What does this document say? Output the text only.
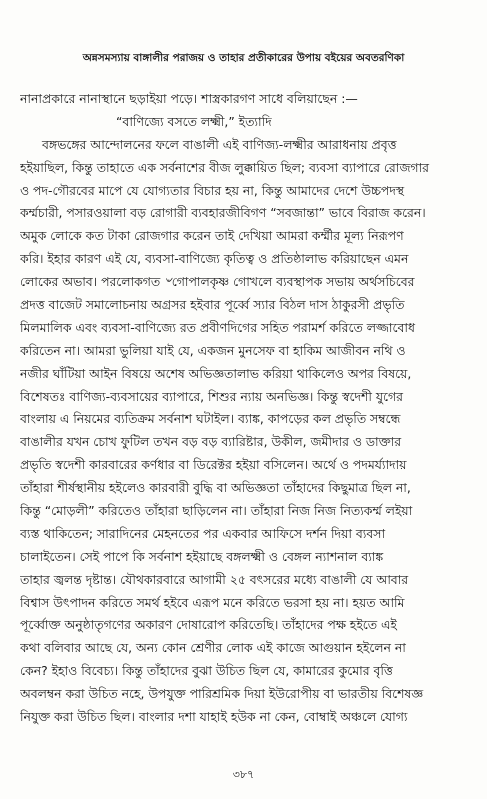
অন্নসমস্যায় বাঙ্গালীর পরাজয় ও তাহার প্রতীকারের উপায় বইয়ের অবতরণিকা
নানাপ্রকারে নানাস্থানে ছড়াইয়া পড়ে। শাস্ত্রকারগণ সাধে বলিয়াছেন :—
“বাণিজ্যে বসতে লক্ষ্মী,” ইত্যাদি
বঙ্গভঙ্গের আন্দোলনের ফলে বাঙালী এই বাণিজ্য-লক্ষ্মীর আরাধনায় প্রবৃত্ত
হইয়াছিল, কিন্তু তাহাতে এক সর্বনাশের বীজ লুক্কায়িত ছিল; ব্যবসা ব্যাপারে রোজগার
ও পদ-গৌরবের মাপে যে যোগ্যতার বিচার হয় না, কিন্তু আমাদের দেশে উচ্চপদস্থ
কর্ম্মচারী, পসারওয়ালা বড় রোগারী ব্যবহারজীবিগণ “সবজান্তা” ভাবে বিরাজ করেন।
অমুক লোকে কত টাকা রোজগার করেন তাই দেখিয়া আমরা কর্ম্মীর মূল্য নিরূপণ
করি। ইহার কারণ এই যে, ব্যবসা-বাণিজ্যে কৃতিত্ব ও প্রতিষ্ঠালাভ করিয়াছেন এমন
লোকের অভাব। পরলোকগত ৺গোপালকৃষ্ণ গোখলে ব্যবস্থাপক সভায় অর্থসচিবের
প্রদত্ত বাজেট সমালোচনায় অগ্রসর হইবার পূর্ব্বে স্যার বিঠল দাস ঠাকুরসী প্রভৃতি
মিলমালিক এবং ব্যবসা-বাণিজ্যে রত প্রবীণদিগের সহিত পরামর্শ করিতে লজ্জাবোধ
করিতেন না। আমরা ভুলিয়া যাই যে, একজন মুনসেফ বা হাকিম আজীবন নথি ও
নজীর ঘাঁটিয়া আইন বিষয়ে অশেষ অভিজ্ঞতালাভ করিয়া থাকিলেও অপর বিষয়ে,
বিশেষতঃ বাণিজ্য-ব্যবসায়ের ব্যাপারে, শিশুর ন্যায় অনভিজ্ঞ। কিন্তু স্বদেশী যুগের
বাংলায় এ নিয়মের ব্যতিক্রম সর্বনাশ ঘটাইল। ব্যাঙ্ক, কাপড়ের কল প্রভৃতি সম্বন্ধে
বাঙালীর যখন চোখ ফুটিল তখন বড় বড় ব্যারিষ্টার, উকীল, জমীদার ও ডাক্তার
প্রভৃতি স্বদেশী কারবারের কর্ণধার বা ডিরেক্টর হইয়া বসিলেন। অর্থে ও পদমর্য্যাদায়
তাঁহারা শীর্ষস্থানীয় হইলেও কারবারী বুদ্ধি বা অভিজ্ঞতা তাঁহাদের কিছুমাত্র ছিল না,
কিন্তু “মোড়লী” করিতেও তাঁহারা ছাড়িলেন না। তাঁহারা নিজ নিজ নিত্যকর্ম্ম লইয়া
ব্যস্ত থাকিতেন; সারাদিনের মেহনতের পর একবার আফিসে দর্শন দিয়া ব্যবসা
চালাইতেন। সেই পাপে কি সর্বনাশ হইয়াছে বঙ্গলক্ষ্মী ও বেঙ্গল ন্যাশনাল ব্যাঙ্ক
তাহার জ্বলন্ত দৃষ্টান্ত। যৌথকারবারে আগামী ২৫ বৎসরের মধ্যে বাঙালী যে আবার
বিশ্বাস উৎপাদন করিতে সমর্থ হইবে এরূপ মনে করিতে ভরসা হয় না। হয়ত আমি
পূর্ব্বোক্ত অনুষ্ঠাতৃগণের অকারণ দোষারোপ করিতেছি। তাঁহাদের পক্ষ হইতে এই
কথা বলিবার আছে যে, অন্য কোন শ্রেণীর লোক এই কাজে আগুয়ান হইলেন না
কেন? ইহাও বিবেচ্য। কিন্তু তাঁহাদের বুঝা উচিত ছিল যে, কামারের কুমোর বৃত্তি
অবলম্বন করা উচিত নহে, উপযুক্ত পারিশ্রমিক দিয়া ইউরোপীয় বা ভারতীয় বিশেষজ্ঞ
নিযুক্ত করা উচিত ছিল। বাংলার দশা যাহাই হউক না কেন, বোম্বাই অঞ্চলে যোগ্য
৩৮৭
